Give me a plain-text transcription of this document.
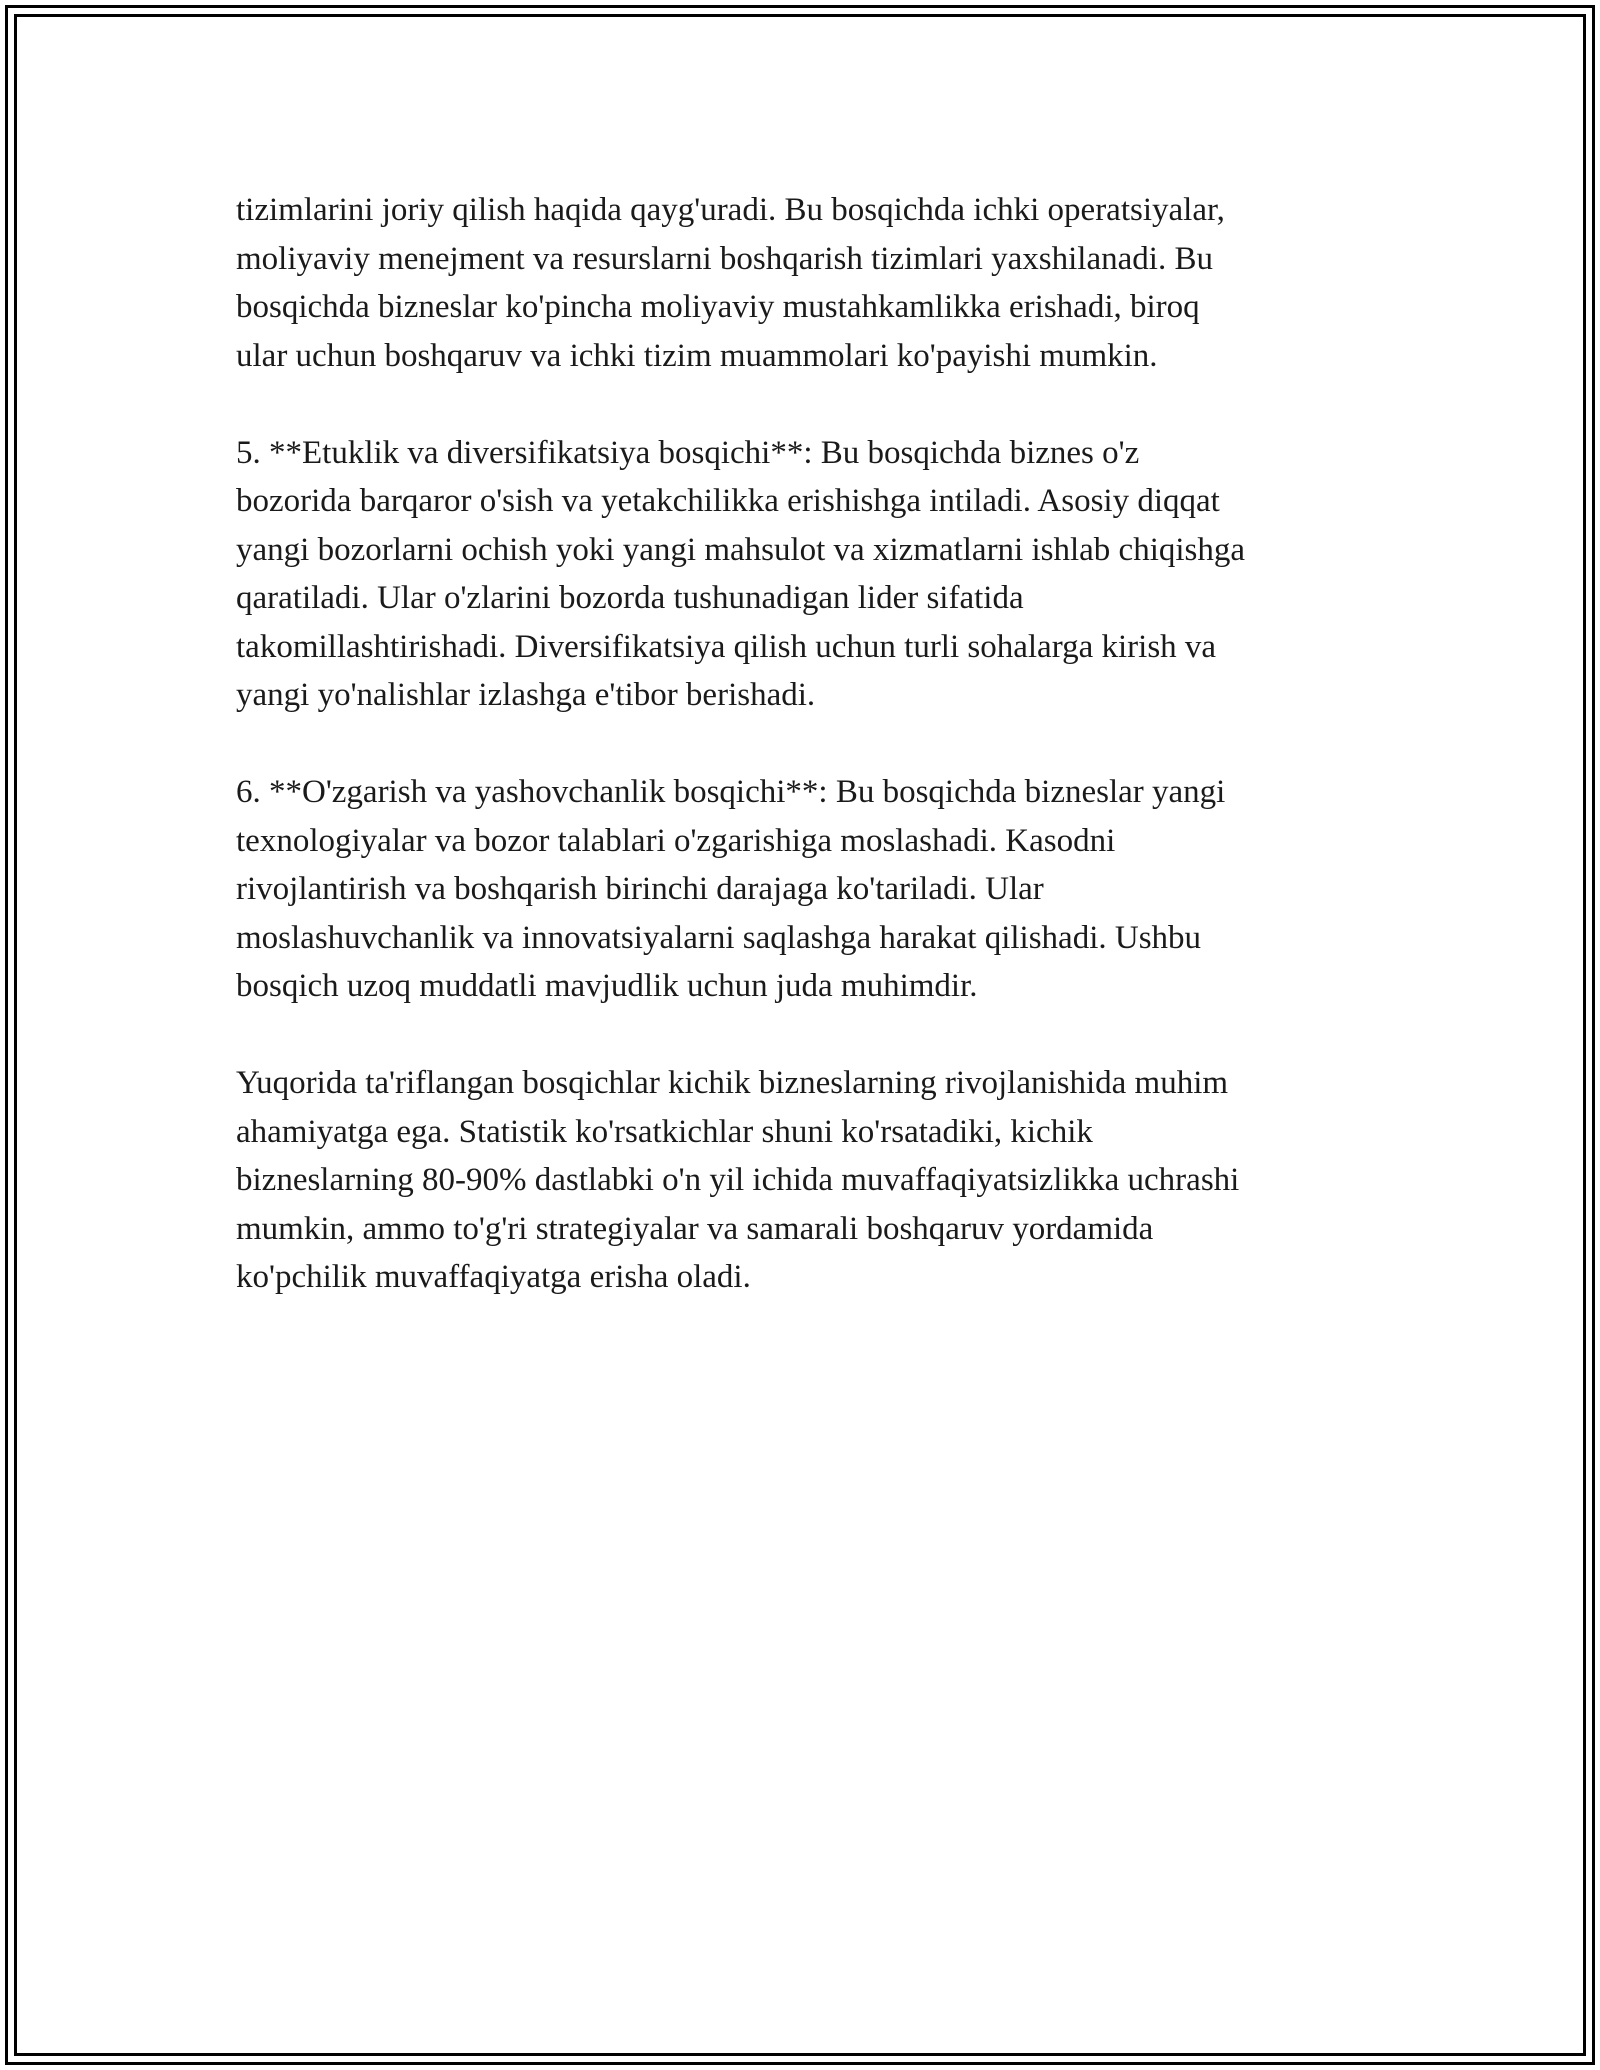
tizimlarini joriy qilish haqida qayg'uradi. Bu bosqichda ichki operatsiyalar,
moliyaviy menejment va resurslarni boshqarish tizimlari yaxshilanadi. Bu
bosqichda bizneslar ko'pincha moliyaviy mustahkamlikka erishadi, biroq
ular uchun boshqaruv va ichki tizim muammolari ko'payishi mumkin.

5. **Etuklik va diversifikatsiya bosqichi**: Bu bosqichda biznes o'z
bozorida barqaror o'sish va yetakchilikka erishishga intiladi. Asosiy diqqat
yangi bozorlarni ochish yoki yangi mahsulot va xizmatlarni ishlab chiqishga
qaratiladi. Ular o'zlarini bozorda tushunadigan lider sifatida
takomillashtirishadi. Diversifikatsiya qilish uchun turli sohalarga kirish va
yangi yo'nalishlar izlashga e'tibor berishadi.

6. **O'zgarish va yashovchanlik bosqichi**: Bu bosqichda bizneslar yangi
texnologiyalar va bozor talablari o'zgarishiga moslashadi. Kasodni
rivojlantirish va boshqarish birinchi darajaga ko'tariladi. Ular
moslashuvchanlik va innovatsiyalarni saqlashga harakat qilishadi. Ushbu
bosqich uzoq muddatli mavjudlik uchun juda muhimdir.

Yuqorida ta'riflangan bosqichlar kichik bizneslarning rivojlanishida muhim
ahamiyatga ega. Statistik ko'rsatkichlar shuni ko'rsatadiki, kichik
bizneslarning 80-90% dastlabki o'n yil ichida muvaffaqiyatsizlikka uchrashi
mumkin, ammo to'g'ri strategiyalar va samarali boshqaruv yordamida
ko'pchilik muvaffaqiyatga erisha oladi.
